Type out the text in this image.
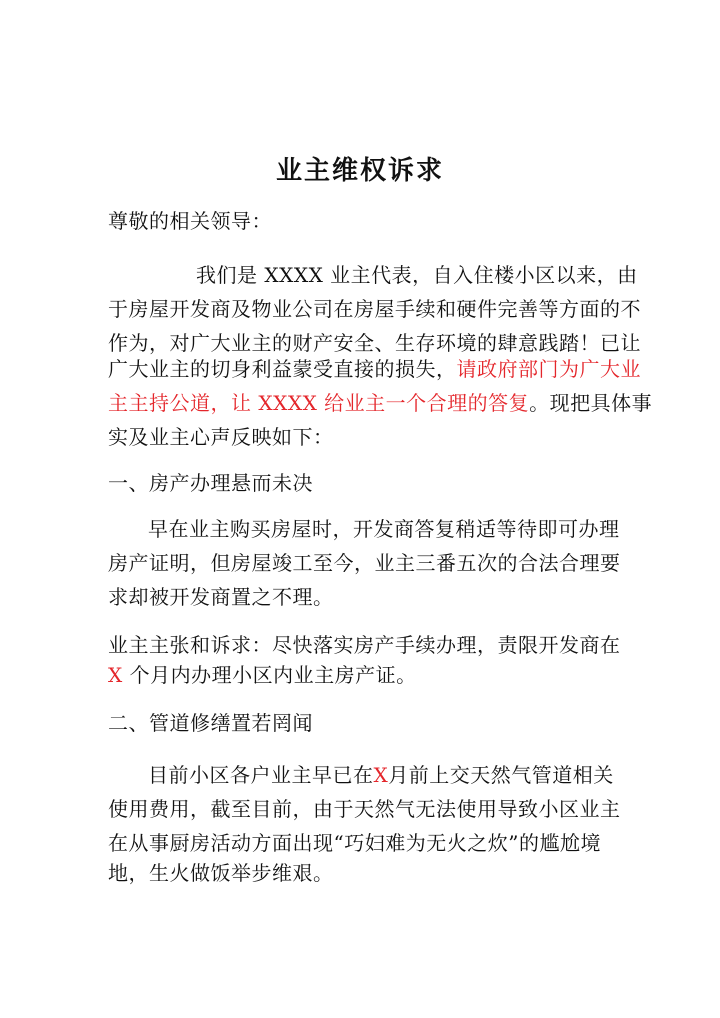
业主维权诉求
尊敬的相关领导：
我们是 XXXX 业主代表，自入住楼小区以来，由
于房屋开发商及物业公司在房屋手续和硬件完善等方面的不
作为，对广大业主的财产安全、生存环境的肆意践踏！已让
广大业主的切身利益蒙受直接的损失，请政府部门为广大业
主主持公道，让 XXXX 给业主一个合理的答复。现把具体事
实及业主心声反映如下：
一、房产办理悬而未决
早在业主购买房屋时，开发商答复稍适等待即可办理
房产证明，但房屋竣工至今，业主三番五次的合法合理要
求却被开发商置之不理。
业主主张和诉求：尽快落实房产手续办理，责限开发商在
X 个月内办理小区内业主房产证。
二、管道修缮置若罔闻
目前小区各户业主早已在X月前上交天然气管道相关
使用费用，截至目前，由于天然气无法使用导致小区业主
在从事厨房活动方面出现“巧妇难为无火之炊”的尴尬境
地，生火做饭举步维艰。
